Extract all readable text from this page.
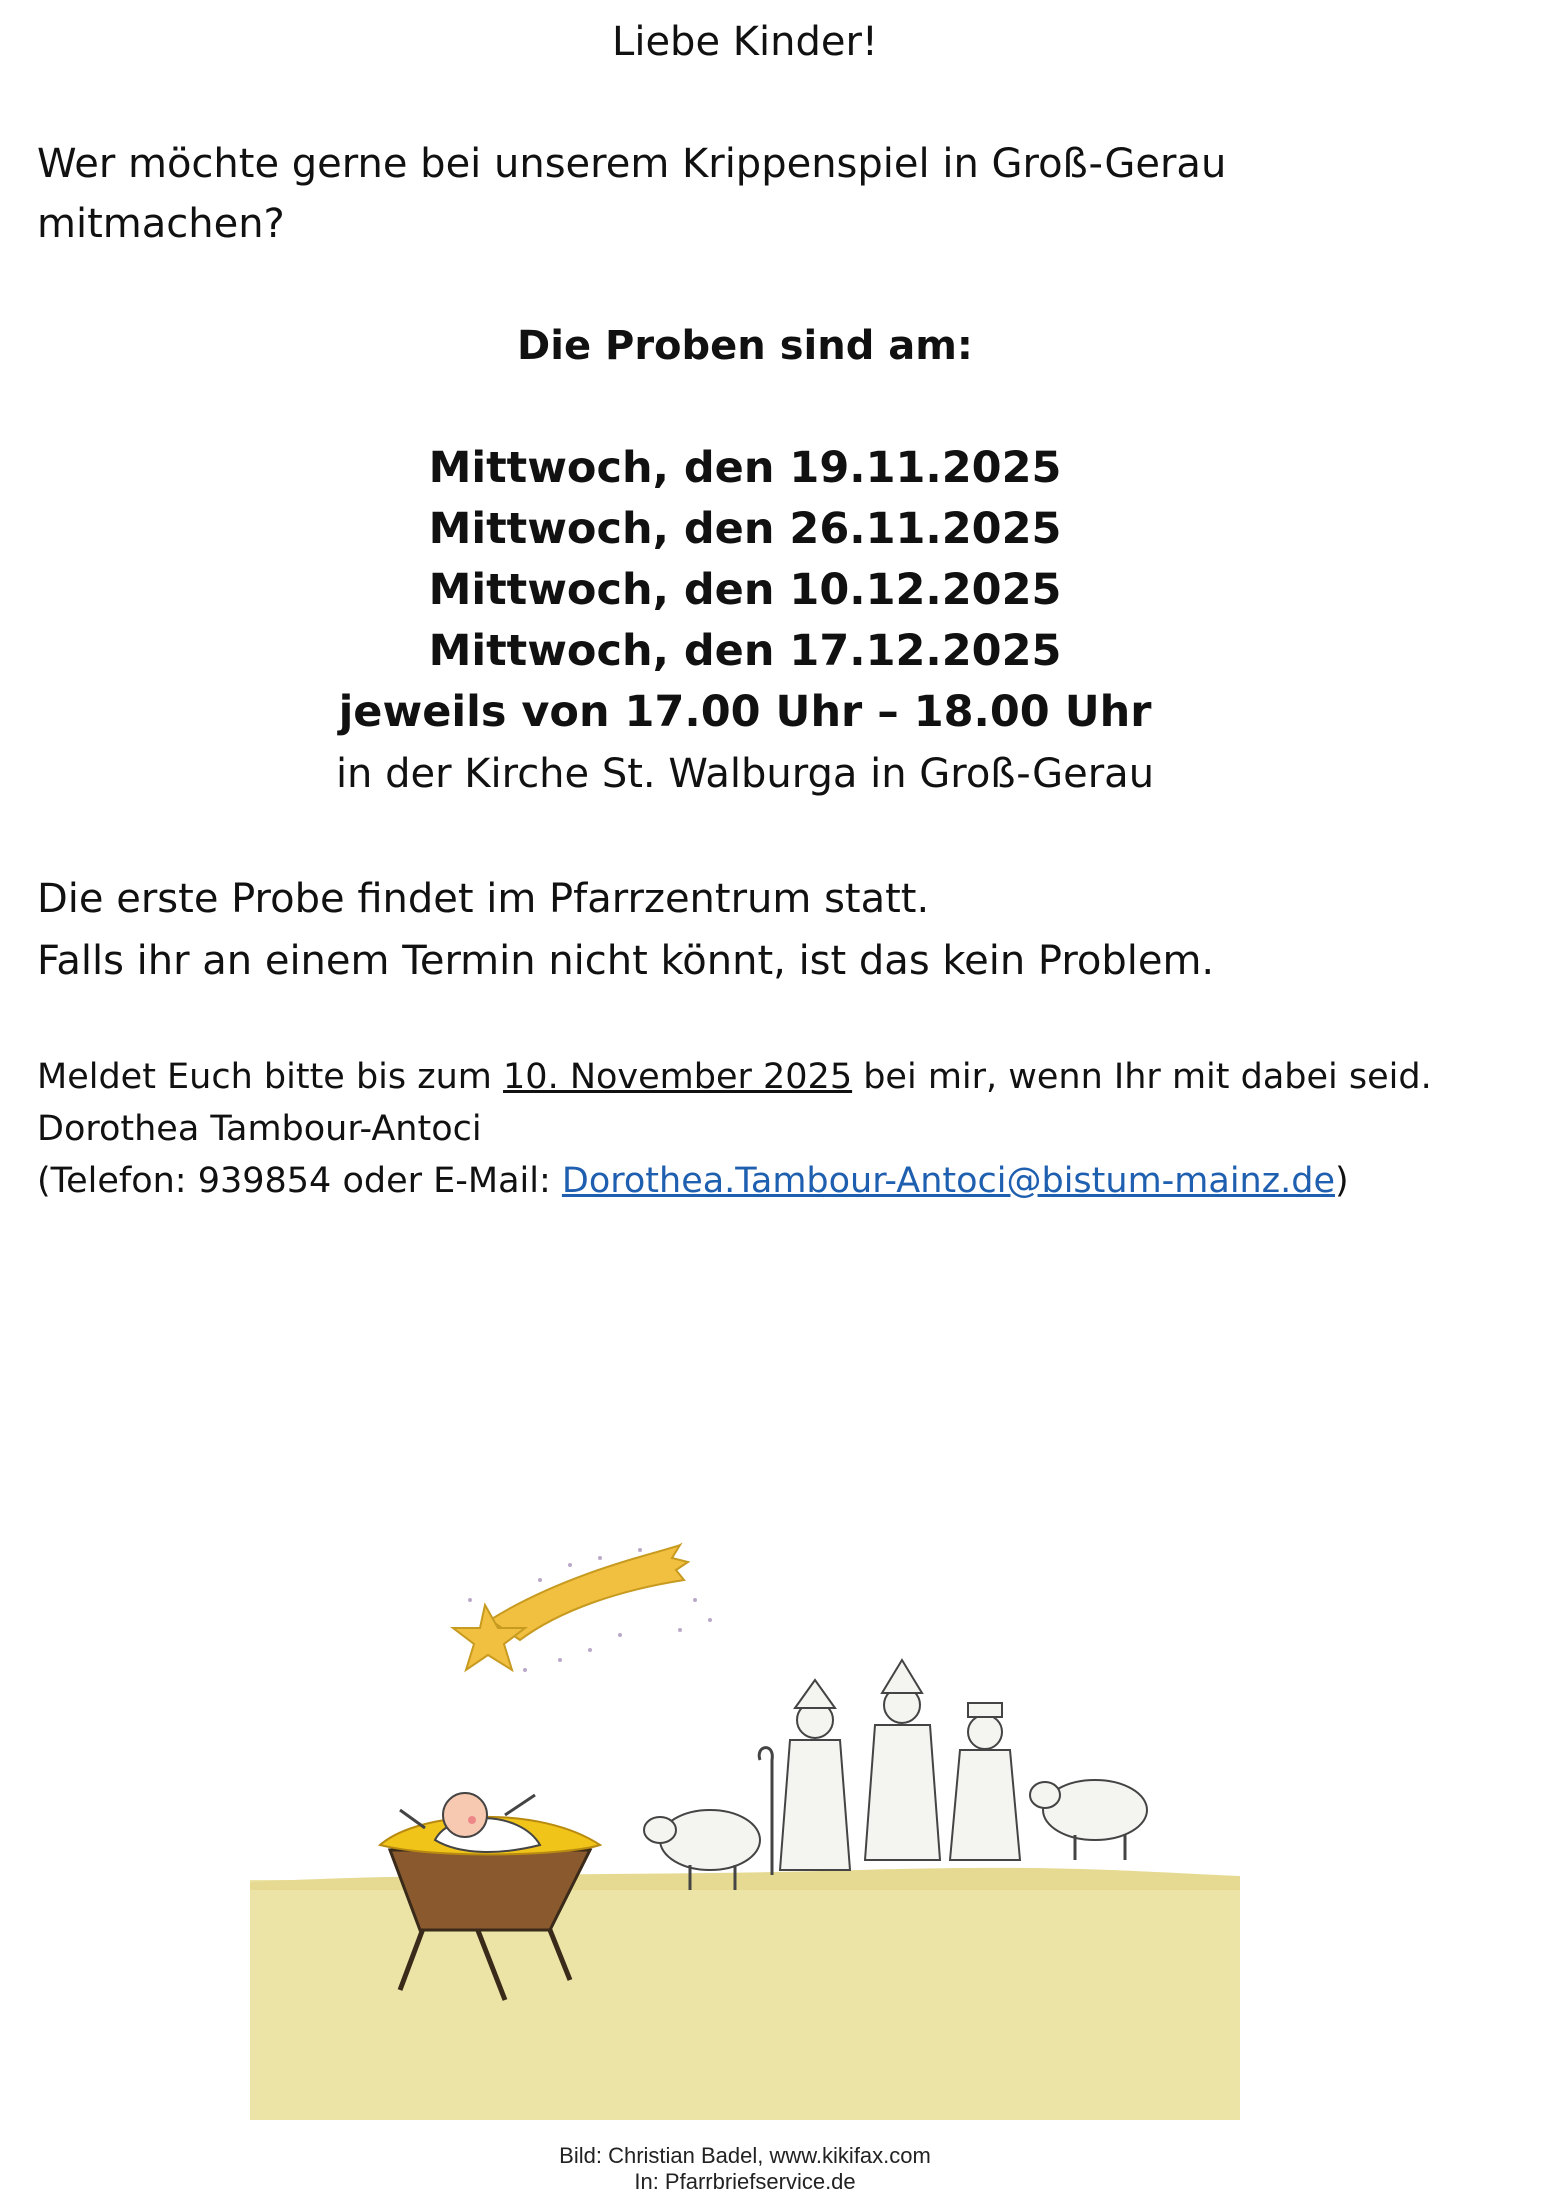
Liebe Kinder!

Wer möchte gerne bei unserem Krippenspiel in Groß-Gerau

mitmachen?

Die Proben sind am:

Mittwoch, den 19.11.2025

Mittwoch, den 26.11.2025

Mittwoch, den 10.12.2025

Mittwoch, den 17.12.2025

jeweils von 17.00 Uhr – 18.00 Uhr

in der Kirche St. Walburga in Groß-Gerau

Die erste Probe findet im Pfarrzentrum statt.

Falls ihr an einem Termin nicht könnt, ist das kein Problem.

Meldet Euch bitte bis zum 10. November 2025 bei mir, wenn Ihr mit dabei seid.

Dorothea Tambour-Antoci

(Telefon: 939854 oder E-Mail: Dorothea.Tambour-Antoci@bistum-mainz.de)

Bild: Christian Badel, www.kikifax.com

In: Pfarrbriefservice.de
